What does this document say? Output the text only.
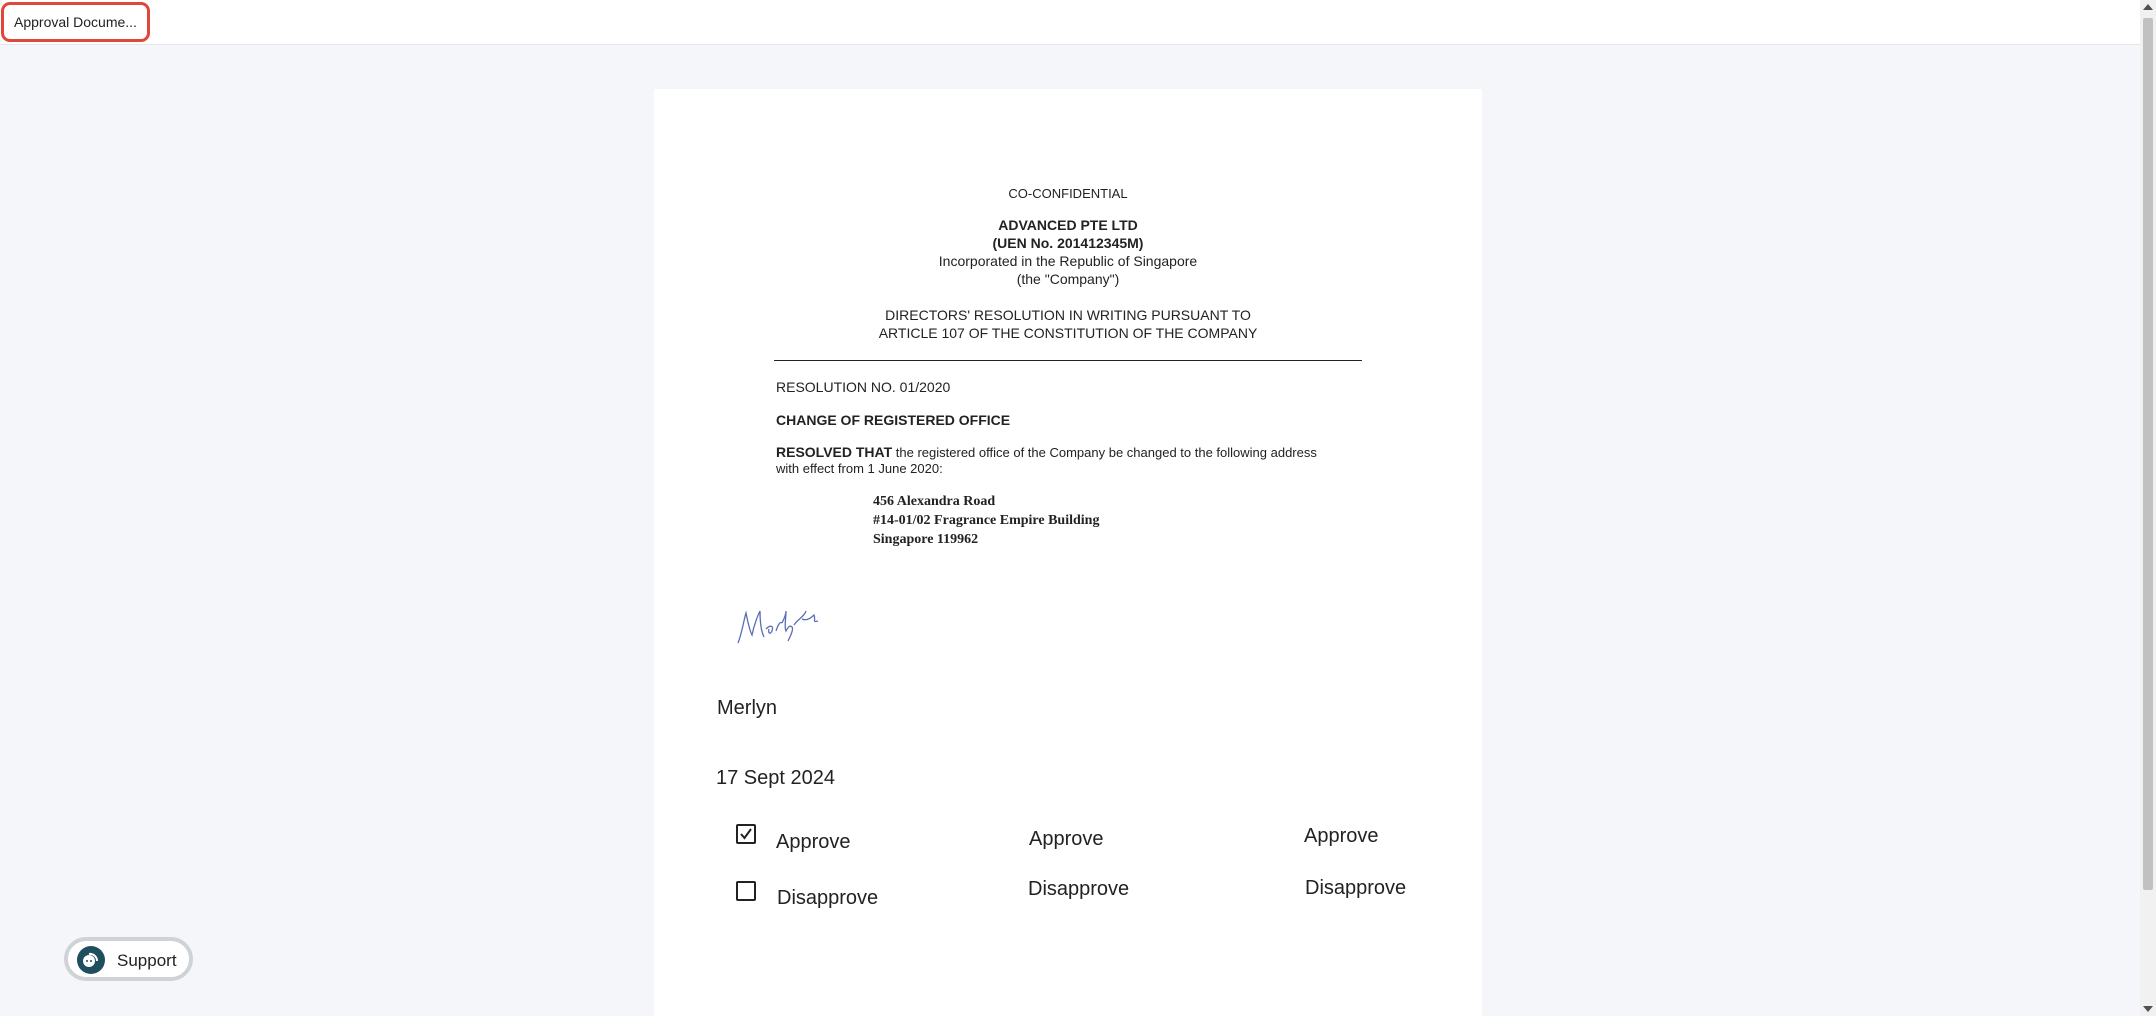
Approval Docume...
CO-CONFIDENTIAL
ADVANCED PTE LTD
(UEN No. 201412345M)
Incorporated in the Republic of Singapore
(the "Company")
DIRECTORS' RESOLUTION IN WRITING PURSUANT TO
ARTICLE 107 OF THE CONSTITUTION OF THE COMPANY
RESOLUTION NO. 01/2020
CHANGE OF REGISTERED OFFICE
RESOLVED THAT the registered office of the Company be changed to the following address
with effect from 1 June 2020:
456 Alexandra Road
#14-01/02 Fragrance Empire Building
Singapore 119962
Merlyn
Merlyn
17 Sept 2024
Approve
Disapprove
Approve
Disapprove
Approve
Disapprove
Support
